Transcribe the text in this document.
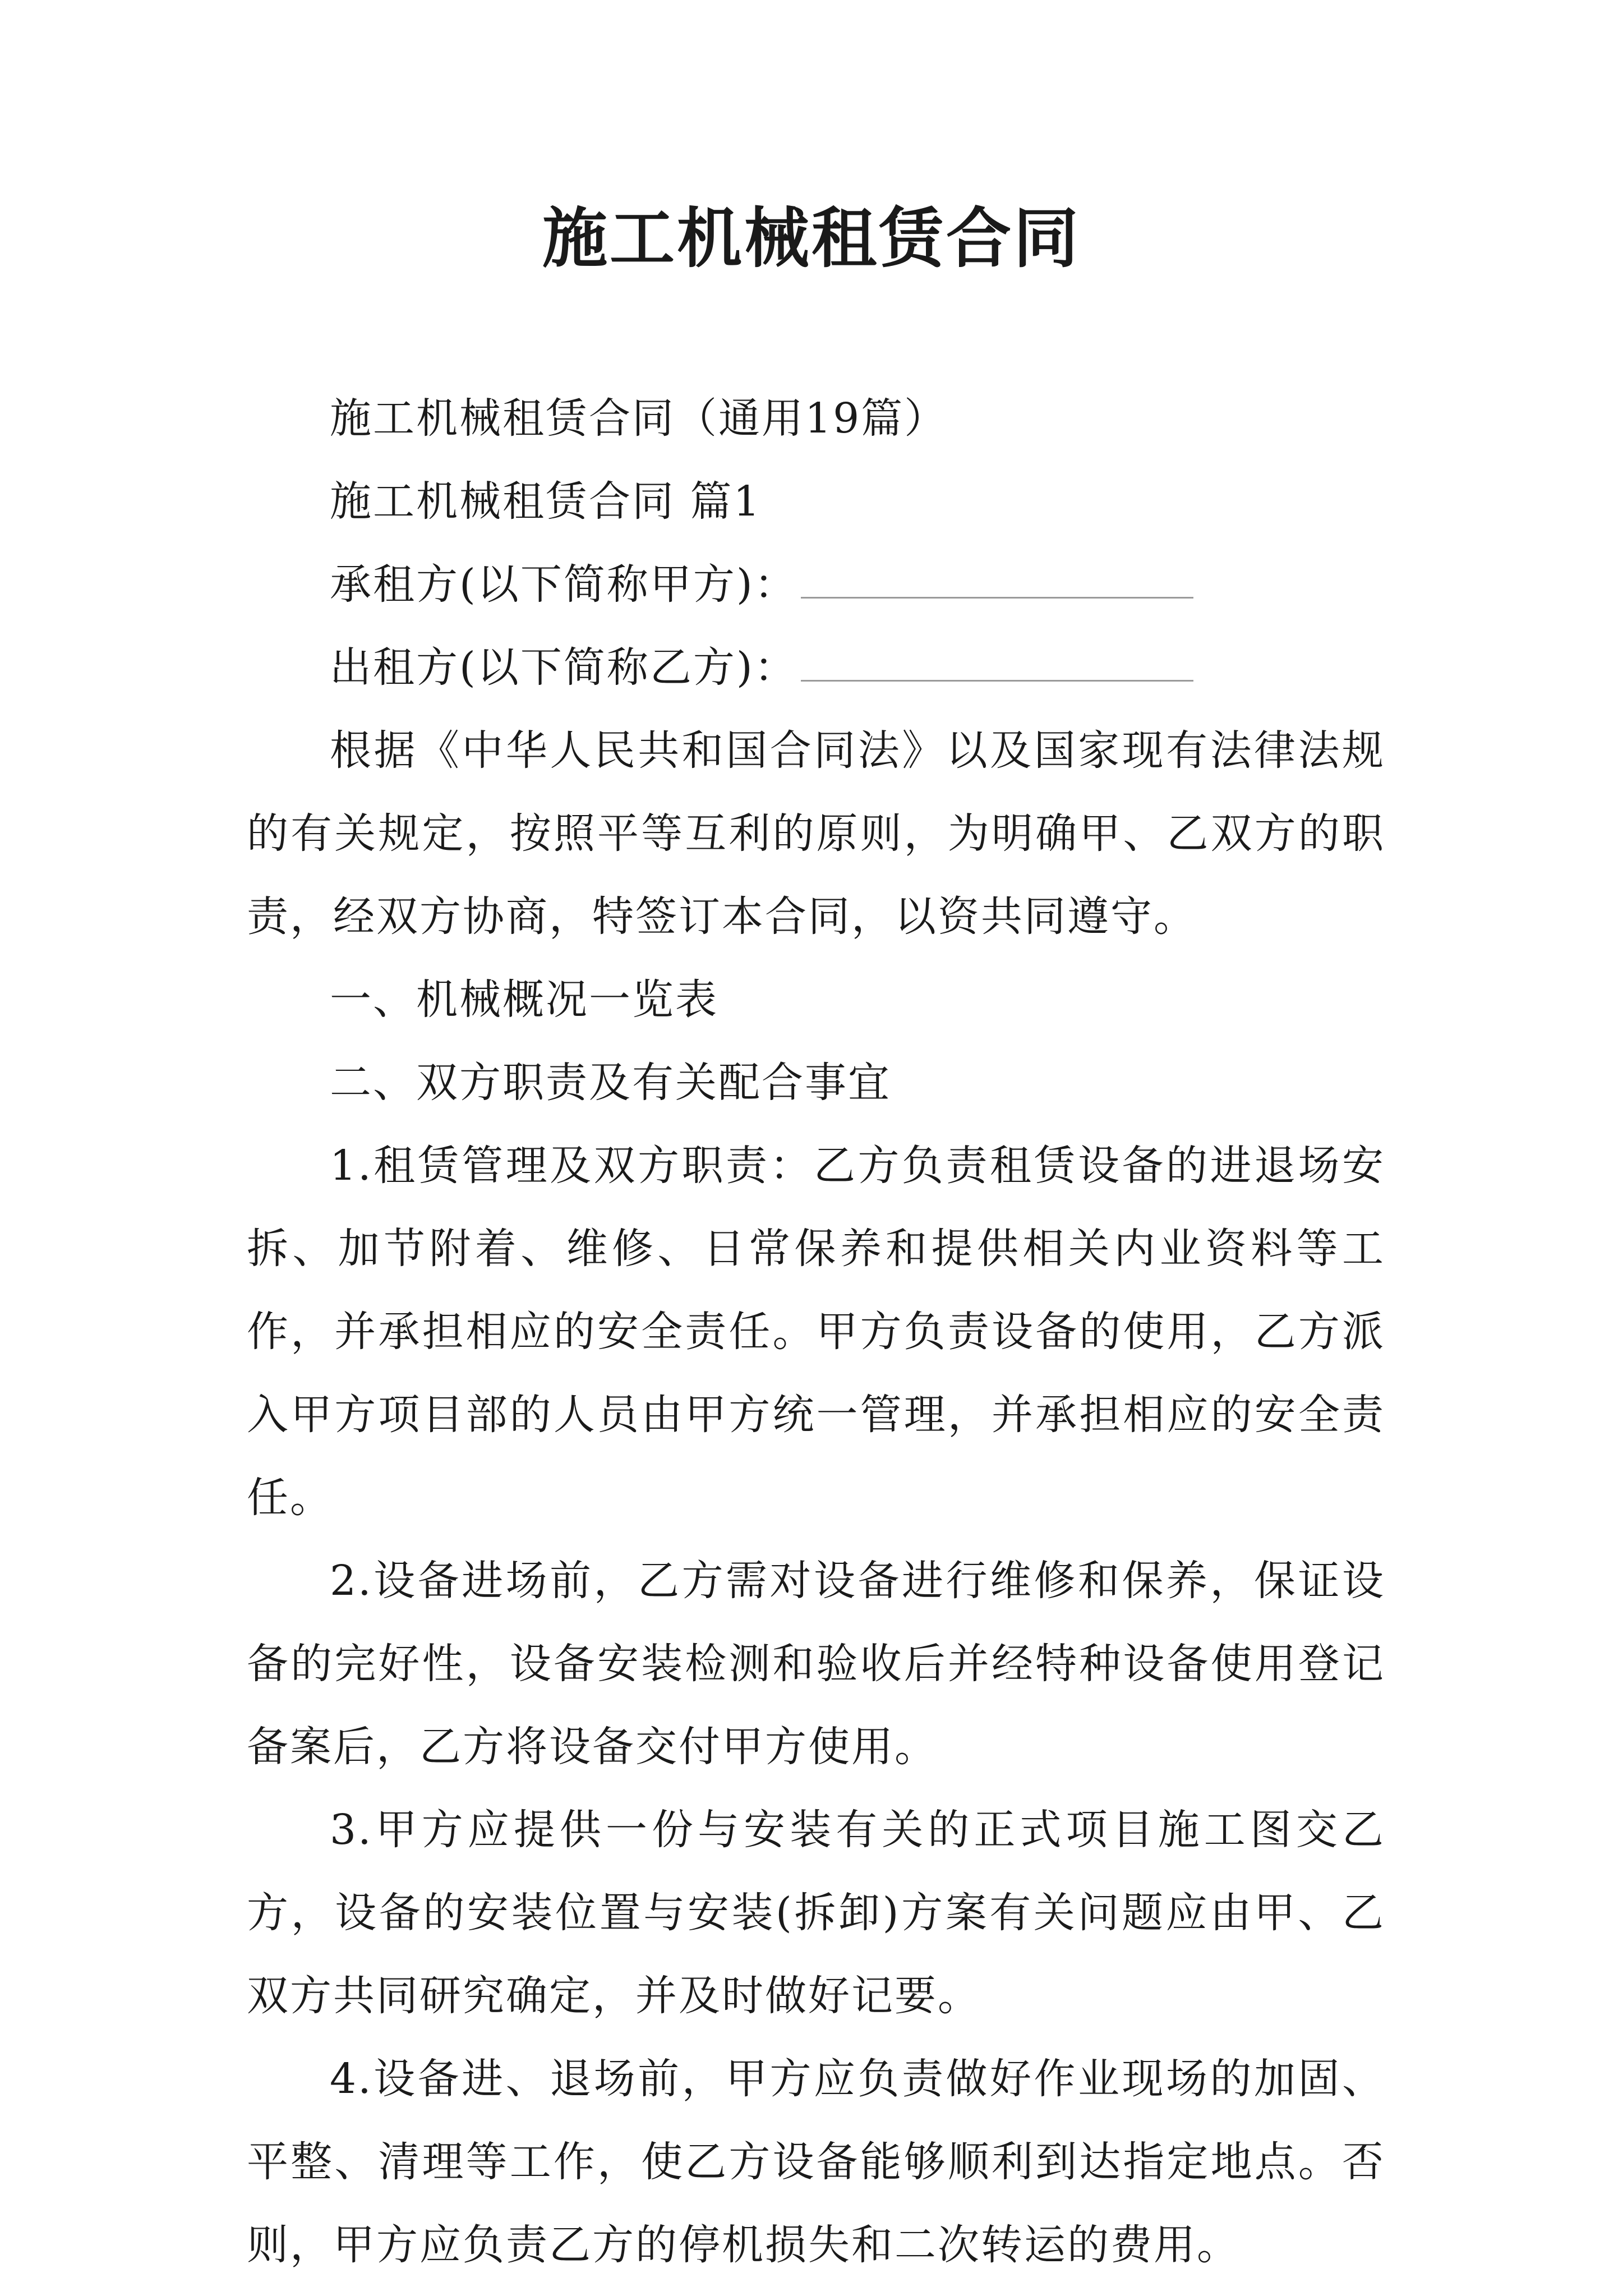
施工机械租赁合同

施工机械租赁合同（通用19篇）

施工机械租赁合同 篇1

承租方(以下简称甲方)：

出租方(以下简称乙方)：

根据《中华人民共和国合同法》以及国家现有法律法规的有关规定，按照平等互利的原则，为明确甲、乙双方的职责，经双方协商，特签订本合同，以资共同遵守。

一、机械概况一览表

二、双方职责及有关配合事宜

1.租赁管理及双方职责：乙方负责租赁设备的进退场安拆、加节附着、维修、日常保养和提供相关内业资料等工作，并承担相应的安全责任。甲方负责设备的使用，乙方派入甲方项目部的人员由甲方统一管理，并承担相应的安全责任。

2.设备进场前，乙方需对设备进行维修和保养，保证设备的完好性，设备安装检测和验收后并经特种设备使用登记备案后，乙方将设备交付甲方使用。

3.甲方应提供一份与安装有关的正式项目施工图交乙方，设备的安装位置与安装(拆卸)方案有关问题应由甲、乙双方共同研究确定，并及时做好记要。

4.设备进、退场前，甲方应负责做好作业现场的加固、平整、清理等工作，使乙方设备能够顺利到达指定地点。否则，甲方应负责乙方的停机损失和二次转运的费用。
